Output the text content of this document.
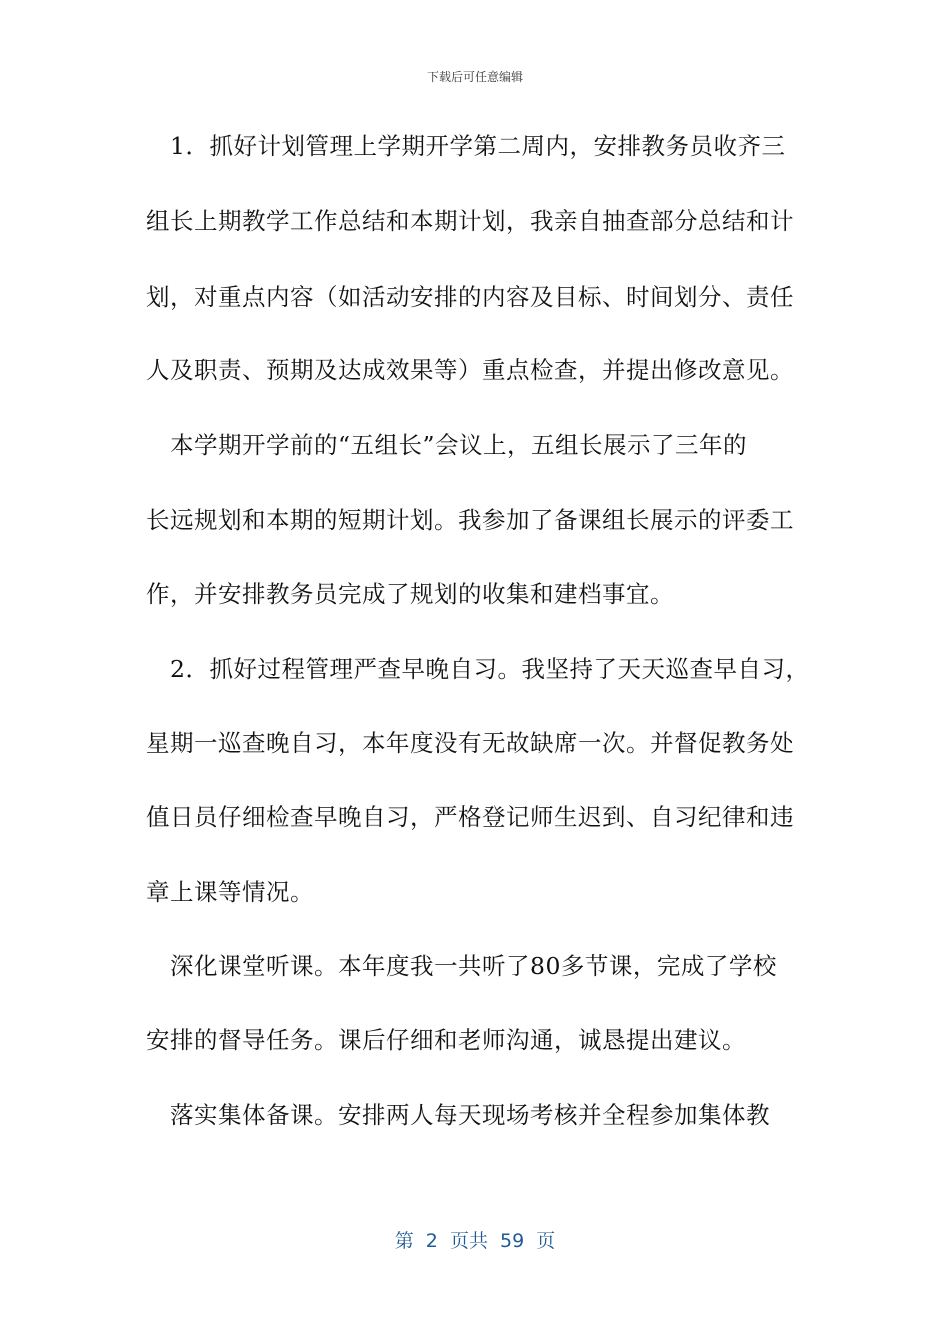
下载后可任意编辑
　1．抓好计划管理上学期开学第二周内，安排教务员收齐三
组长上期教学工作总结和本期计划，我亲自抽查部分总结和计
划，对重点内容（如活动安排的内容及目标、时间划分、责任
人及职责、预期及达成效果等）重点检查，并提出修改意见。
　本学期开学前的“五组长”会议上，五组长展示了三年的
长远规划和本期的短期计划。我参加了备课组长展示的评委工
作，并安排教务员完成了规划的收集和建档事宜。
　2．抓好过程管理严查早晚自习。我坚持了天天巡查早自习，
星期一巡查晚自习，本年度没有无故缺席一次。并督促教务处
值日员仔细检查早晚自习，严格登记师生迟到、自习纪律和违
章上课等情况。
　深化课堂听课。本年度我一共听了80多节课，完成了学校
安排的督导任务。课后仔细和老师沟通，诚恳提出建议。
　落实集体备课。安排两人每天现场考核并全程参加集体教
第  2  页共  59  页
